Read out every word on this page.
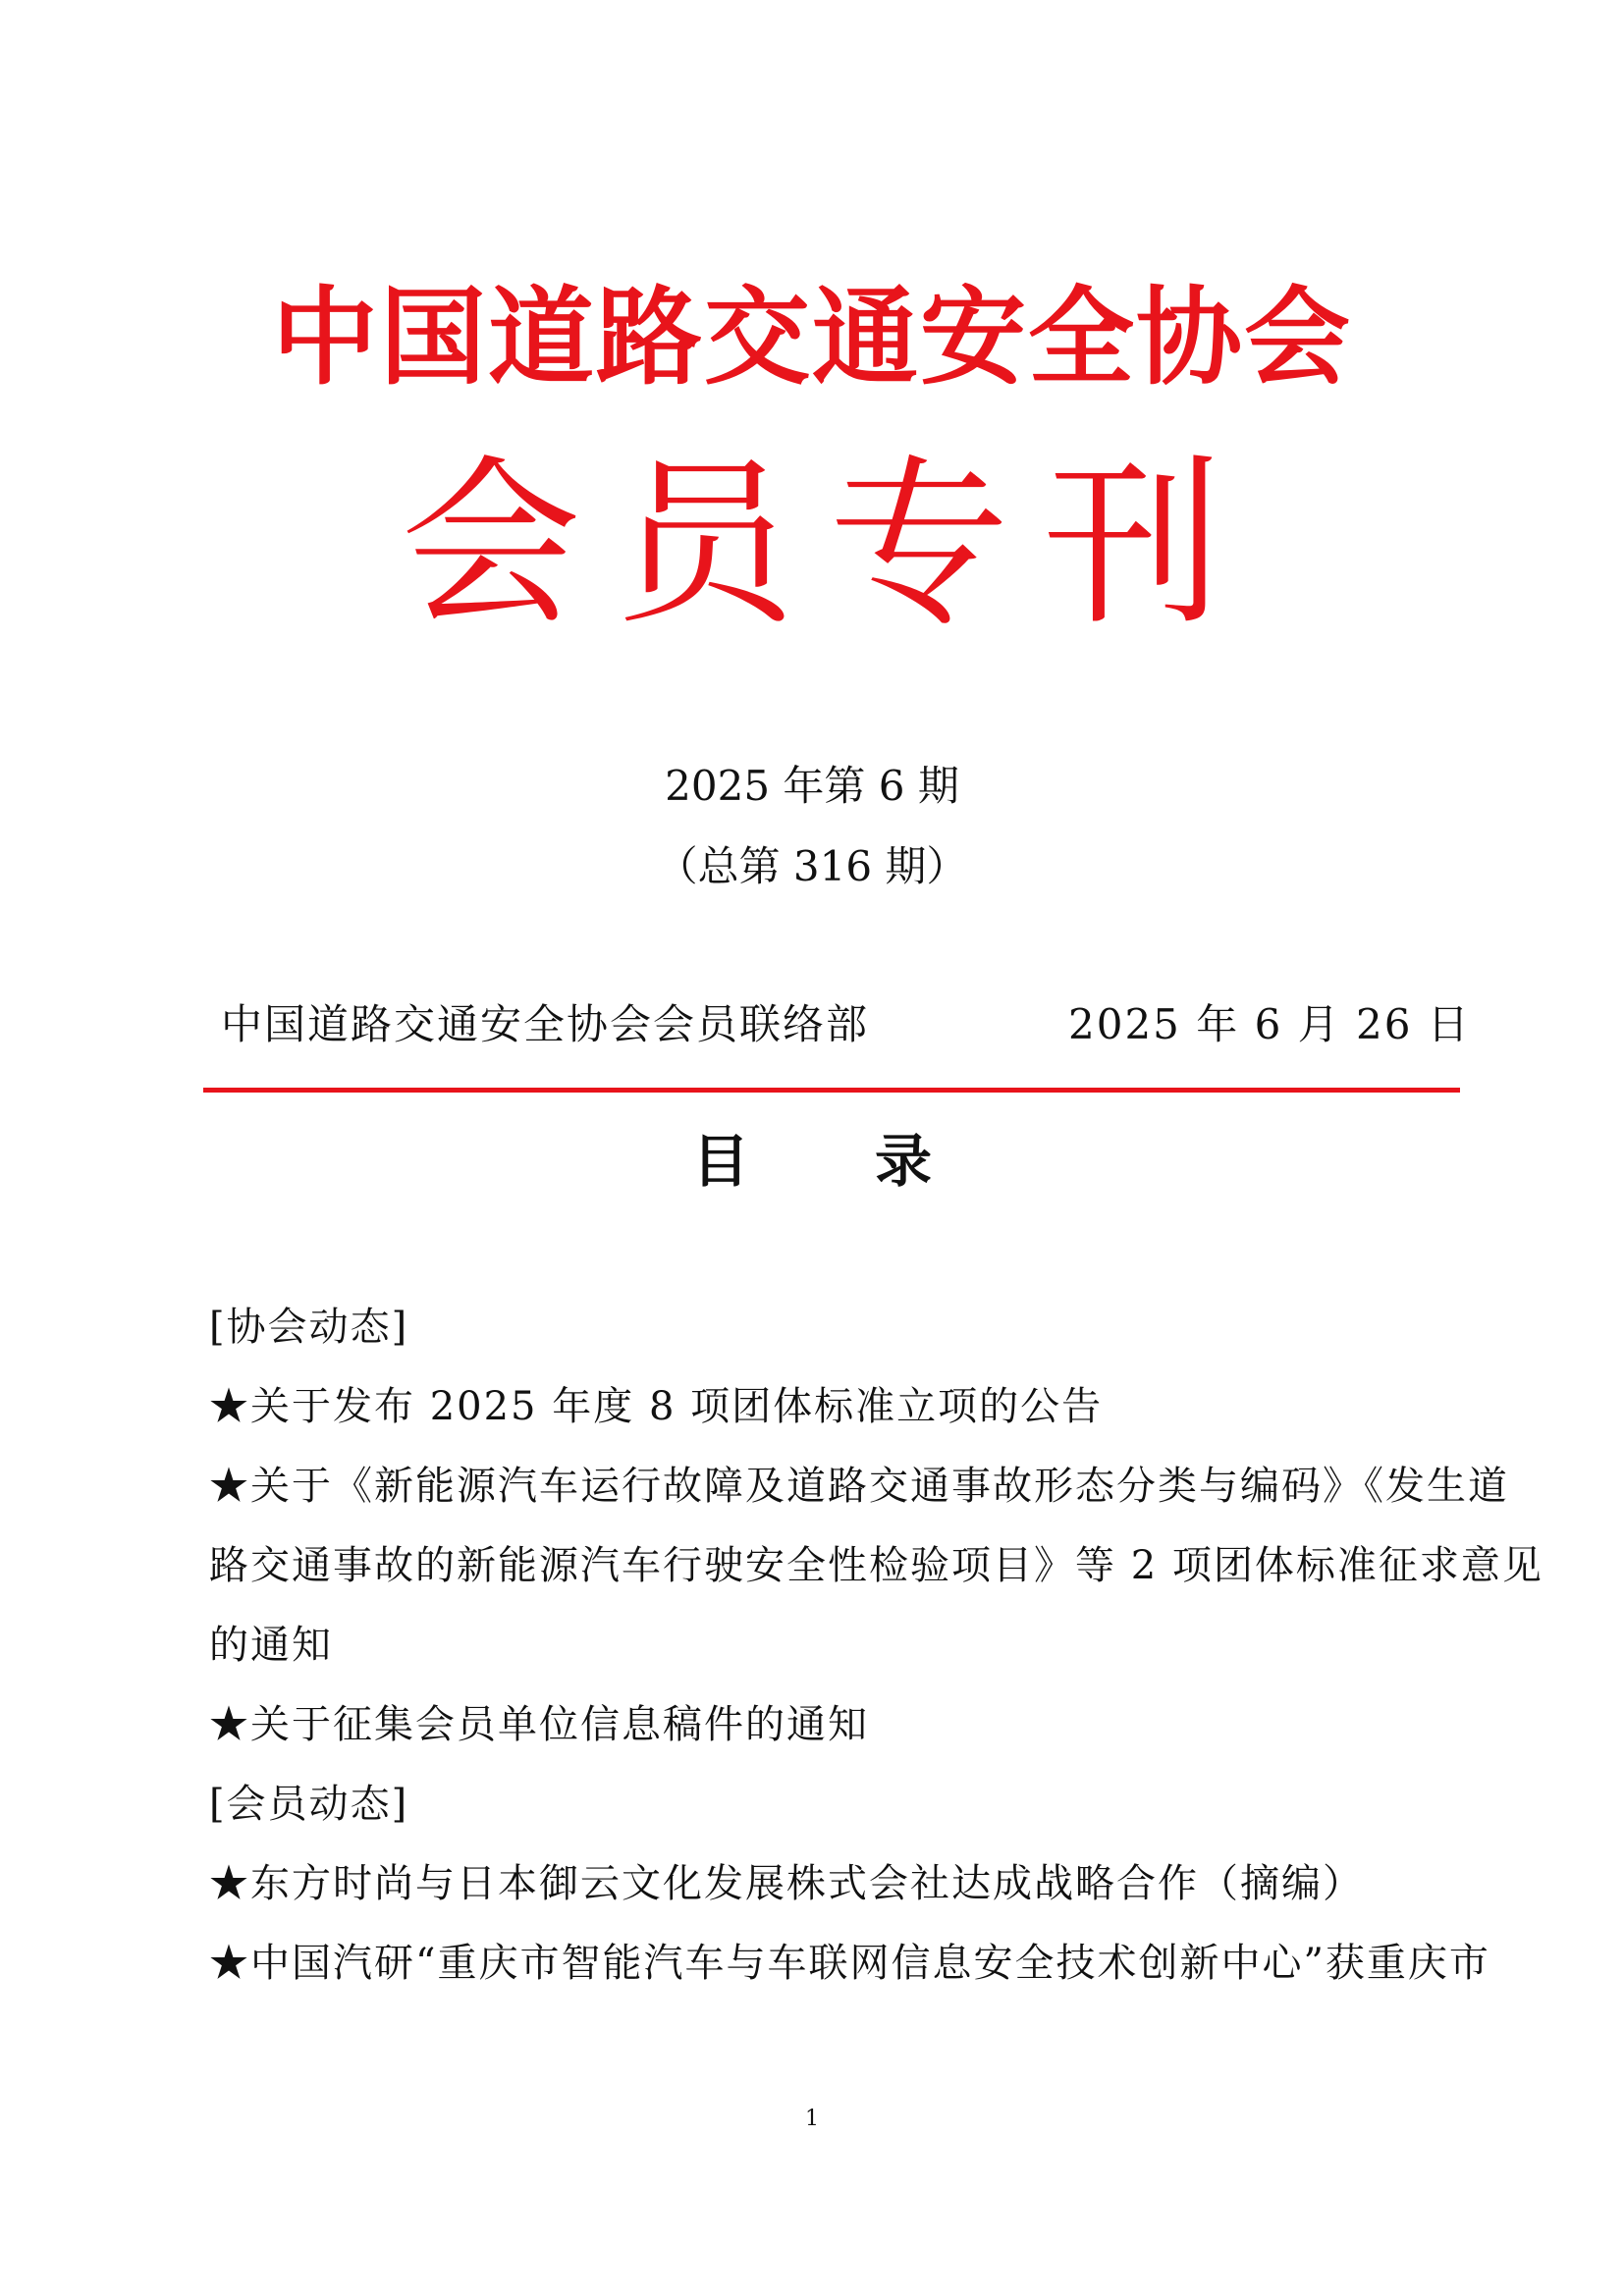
中国道路交通安全协会
会员专刊
2025 年第 6 期
（总第 316 期）
中国道路交通安全协会会员联络部	2025 年 6 月 26 日
目录
[协会动态]
★关于发布 2025 年度 8 项团体标准立项的公告
★关于《新能源汽车运行故障及道路交通事故形态分类与编码》《发生道
路交通事故的新能源汽车行驶安全性检验项目》等 2 项团体标准征求意见
的通知
★关于征集会员单位信息稿件的通知
[会员动态]
★东方时尚与日本御云文化发展株式会社达成战略合作（摘编）
★中国汽研“重庆市智能汽车与车联网信息安全技术创新中心”获重庆市
1
